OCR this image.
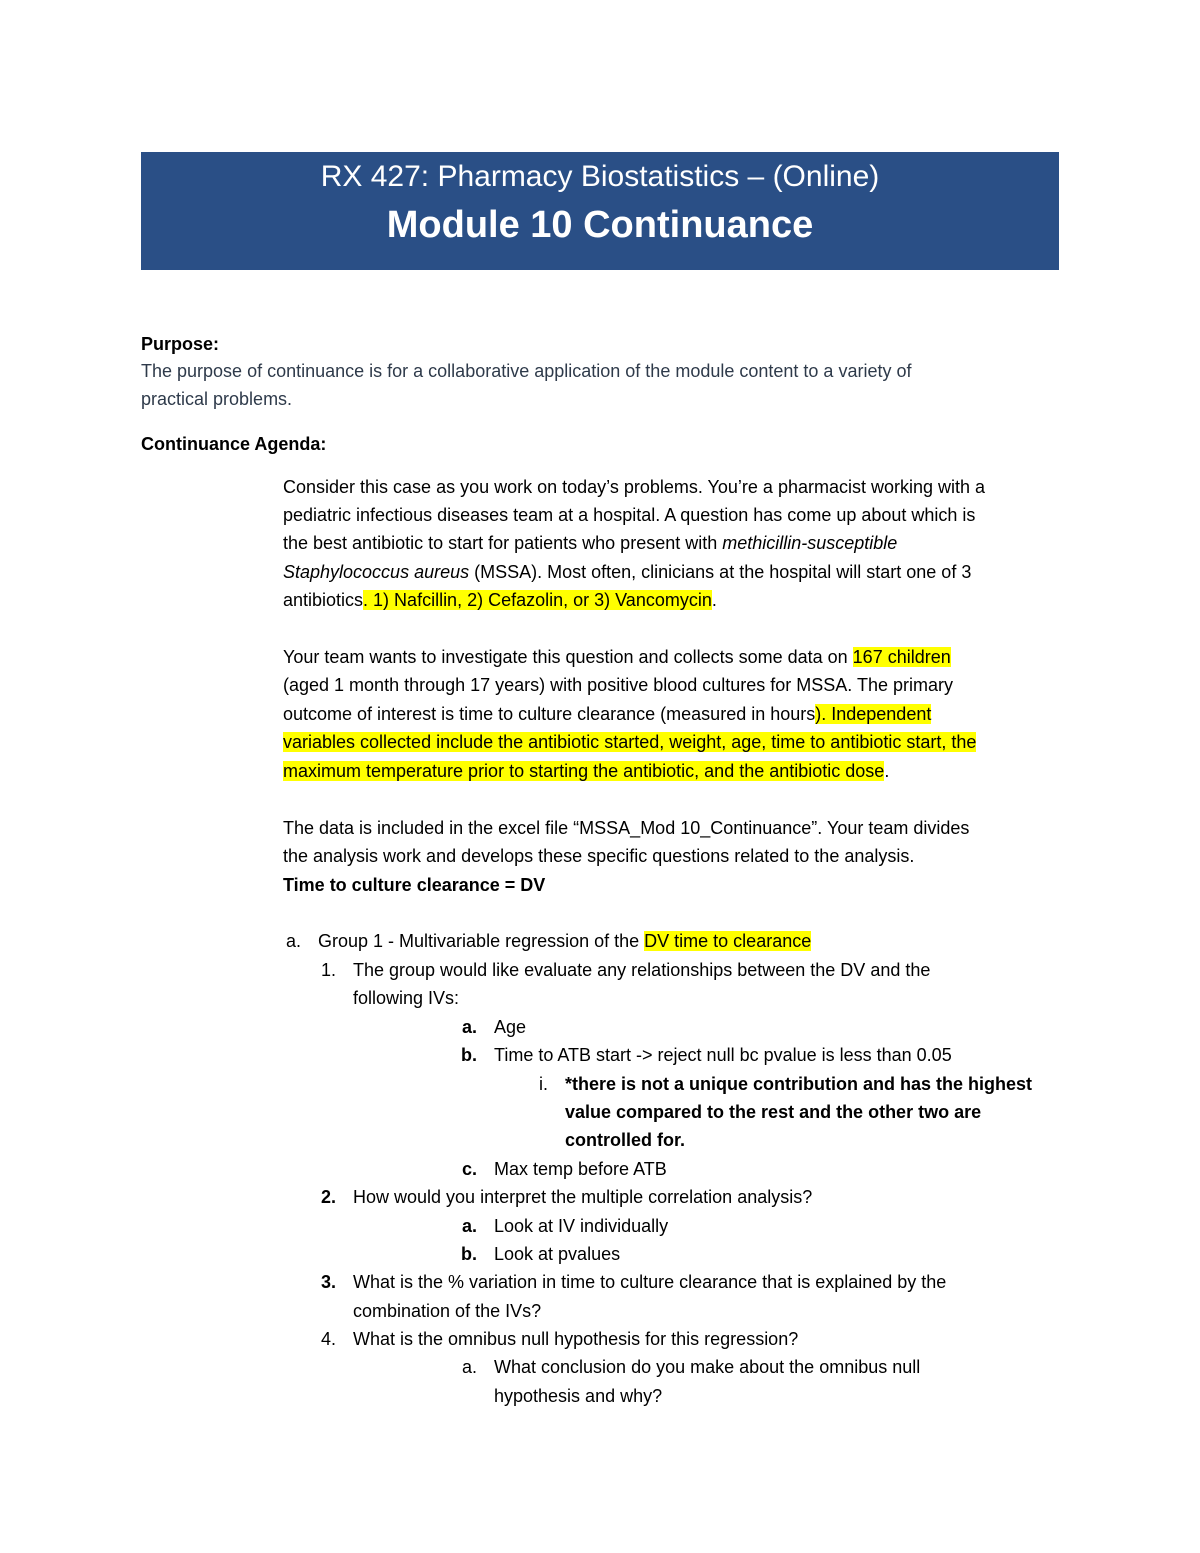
RX 427: Pharmacy Biostatistics – (Online)
Module 10 Continuance
Purpose:
The purpose of continuance is for a collaborative application of the module content to a variety of
practical problems.
Continuance Agenda:
Consider this case as you work on today’s problems. You’re a pharmacist working with a
pediatric infectious diseases team at a hospital. A question has come up about which is
the best antibiotic to start for patients who present with methicillin-susceptible
Staphylococcus aureus (MSSA). Most often, clinicians at the hospital will start one of 3
antibiotics. 1) Nafcillin, 2) Cefazolin, or 3) Vancomycin.
Your team wants to investigate this question and collects some data on 167 children
(aged 1 month through 17 years) with positive blood cultures for MSSA. The primary
outcome of interest is time to culture clearance (measured in hours). Independent
variables collected include the antibiotic started, weight, age, time to antibiotic start, the
maximum temperature prior to starting the antibiotic, and the antibiotic dose.
The data is included in the excel file “MSSA_Mod 10_Continuance”. Your team divides
the analysis work and develops these specific questions related to the analysis.
Time to culture clearance = DV
a. Group 1 - Multivariable regression of the DV time to clearance
1. The group would like evaluate any relationships between the DV and the
following IVs:
a. Age
b. Time to ATB start -> reject null bc pvalue is less than 0.05
i. *there is not a unique contribution and has the highest
value compared to the rest and the other two are
controlled for.
c. Max temp before ATB
2. How would you interpret the multiple correlation analysis?
a. Look at IV individually
b. Look at pvalues
3. What is the % variation in time to culture clearance that is explained by the
combination of the IVs?
4. What is the omnibus null hypothesis for this regression?
a. What conclusion do you make about the omnibus null
hypothesis and why?
